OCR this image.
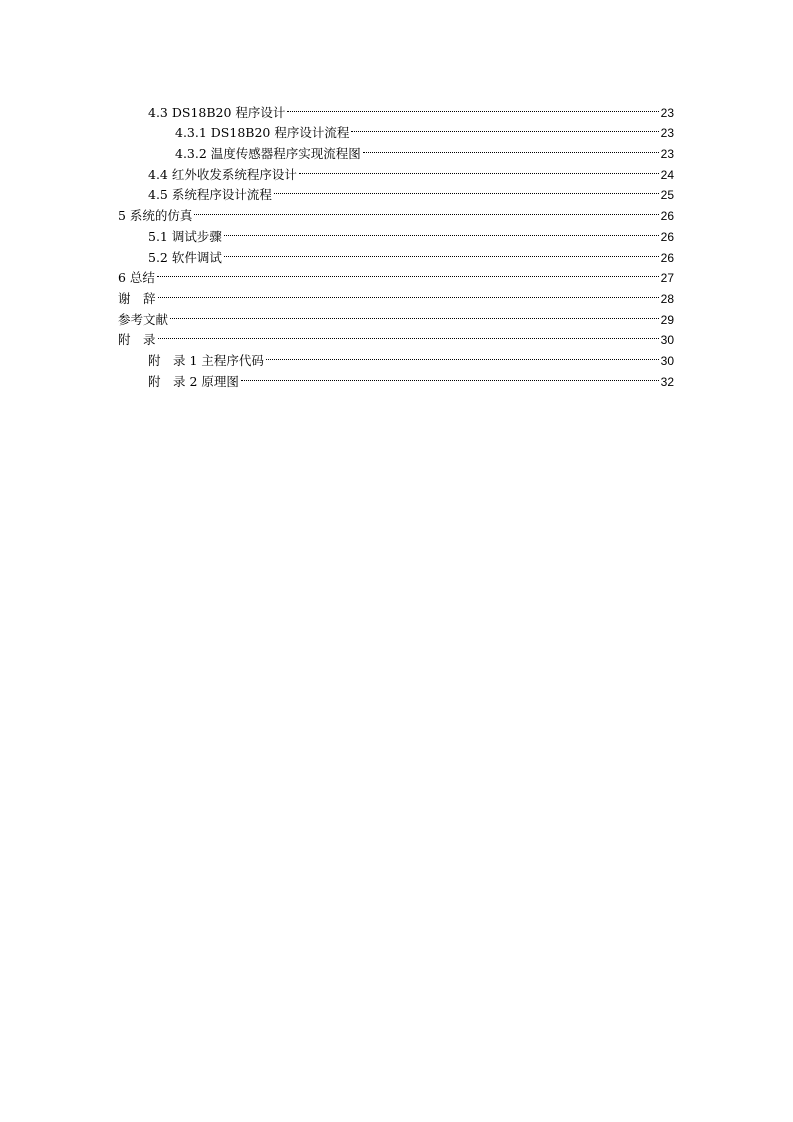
4.3 DS18B20 程序设计	23
4.3.1 DS18B20 程序设计流程	23
4.3.2 温度传感器程序实现流程图	23
4.4 红外收发系统程序设计	24
4.5 系统程序设计流程	25
5 系统的仿真	26
5.1 调试步骤	26
5.2 软件调试	26
6 总结	27
谢　辞	28
参考文献	29
附　录	30
附　录 1 主程序代码	30
附　录 2 原理图	32
